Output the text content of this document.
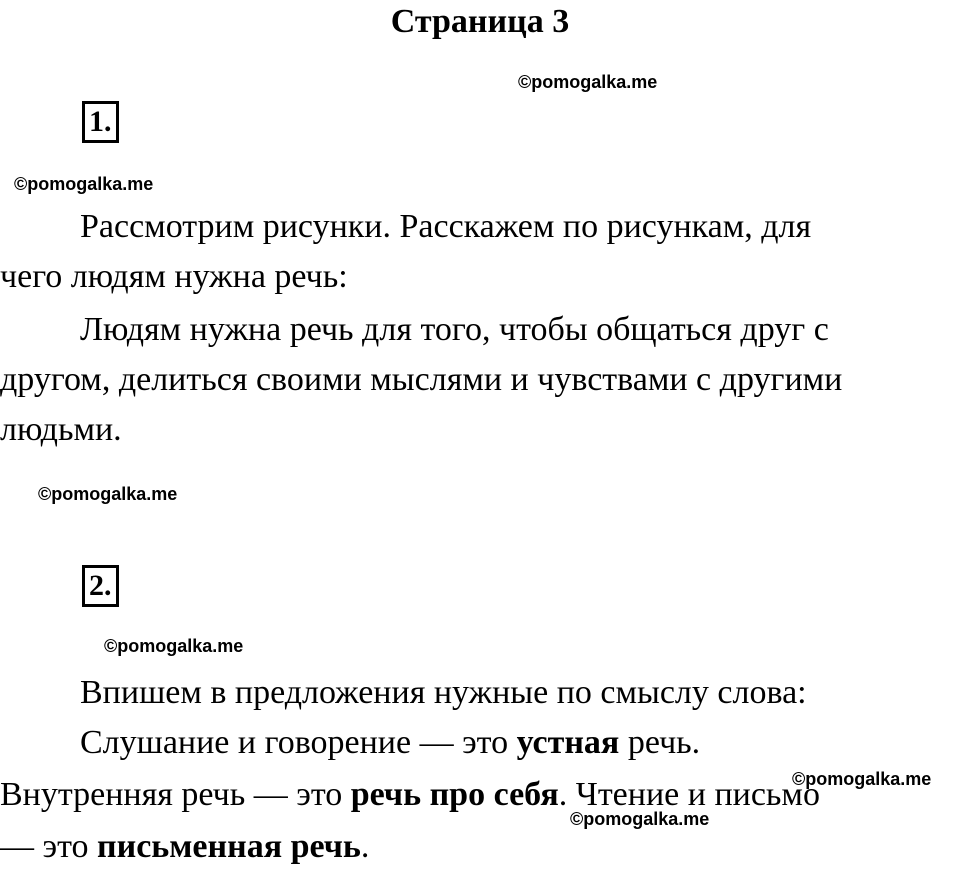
Страница 3
©pomogalka.me
1.
©pomogalka.me

Рассмотрим рисунки. Расскажем по рисункам, для

чего людям нужна речь:

Людям нужна речь для того, чтобы общаться друг с

другом, делиться своими мыслями и чувствами с другими

людьми.

©pomogalka.me
2.
©pomogalka.me

Впишем в предложения нужные по смыслу слова:

Слушание и говорение — это устная речь.

©pomogalka.me

Внутренняя речь — это речь про себя. Чтение и письмо

©pomogalka.me

— это письменная речь.
